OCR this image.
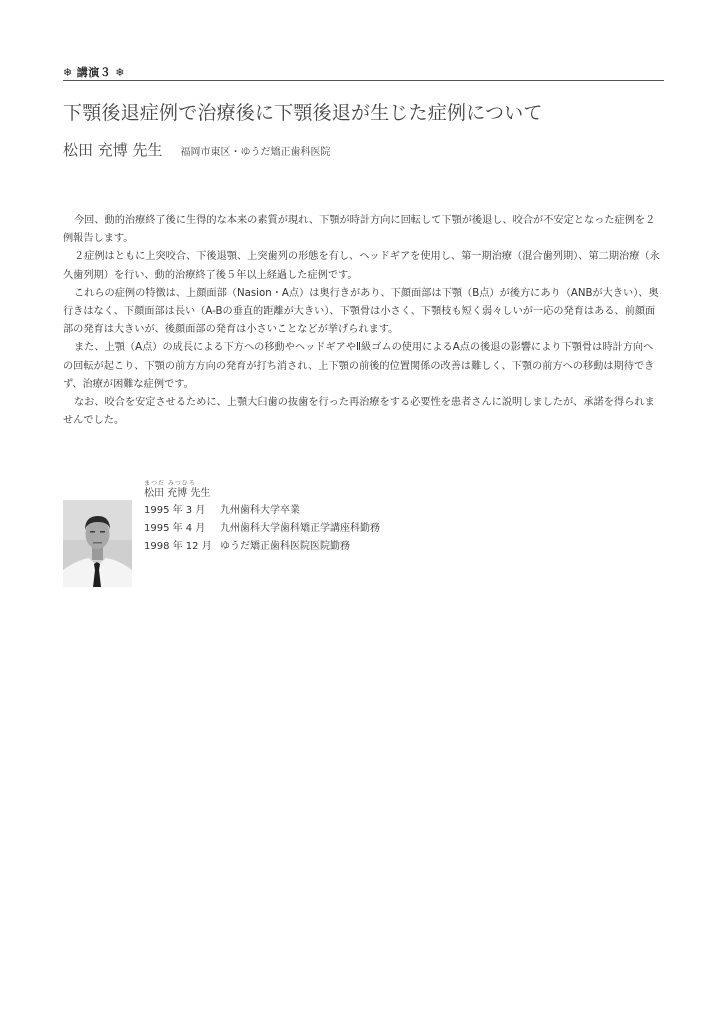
❄ 講演３ ❄
下顎後退症例で治療後に下顎後退が生じた症例について
松田 充博 先生 福岡市東区・ゆうだ矯正歯科医院

今回、動的治療終了後に生得的な本来の素質が現れ、下顎が時計方向に回転して下顎が後退し、咬合が不安定となった症例を２例報告します。

２症例はともに上突咬合、下後退顎、上突歯列の形態を有し、ヘッドギアを使用し、第一期治療（混合歯列期）、第二期治療（永久歯列期）を行い、動的治療終了後５年以上経過した症例です。

これらの症例の特徴は、上顔面部（Nasion・A点）は奥行きがあり、下顔面部は下顎（B点）が後方にあり（ANBが大きい）、奥行きはなく、下顔面部は長い（A-Bの垂直的距離が大きい）、下顎骨は小さく、下顎枝も短く弱々しいが一応の発育はある、前顔面部の発育は大きいが、後顔面部の発育は小さいことなどが挙げられます。

また、上顎（A点）の成長による下方への移動やヘッドギアやⅡ級ゴムの使用によるA点の後退の影響により下顎骨は時計方向への回転が起こり、下顎の前方方向の発育が打ち消され、上下顎の前後的位置関係の改善は難しく、下顎の前方への移動は期待できず、治療が困難な症例です。

なお、咬合を安定させるために、上顎大臼歯の抜歯を行った再治療をする必要性を患者さんに説明しましたが、承諾を得られませんでした。

まつだ みつひろ
松田 充博 先生
1995 年 3 月	九州歯科大学卒業
1995 年 4 月	九州歯科大学歯科矯正学講座科勤務
1998 年 12 月 ゆうだ矯正歯科医院医院勤務
